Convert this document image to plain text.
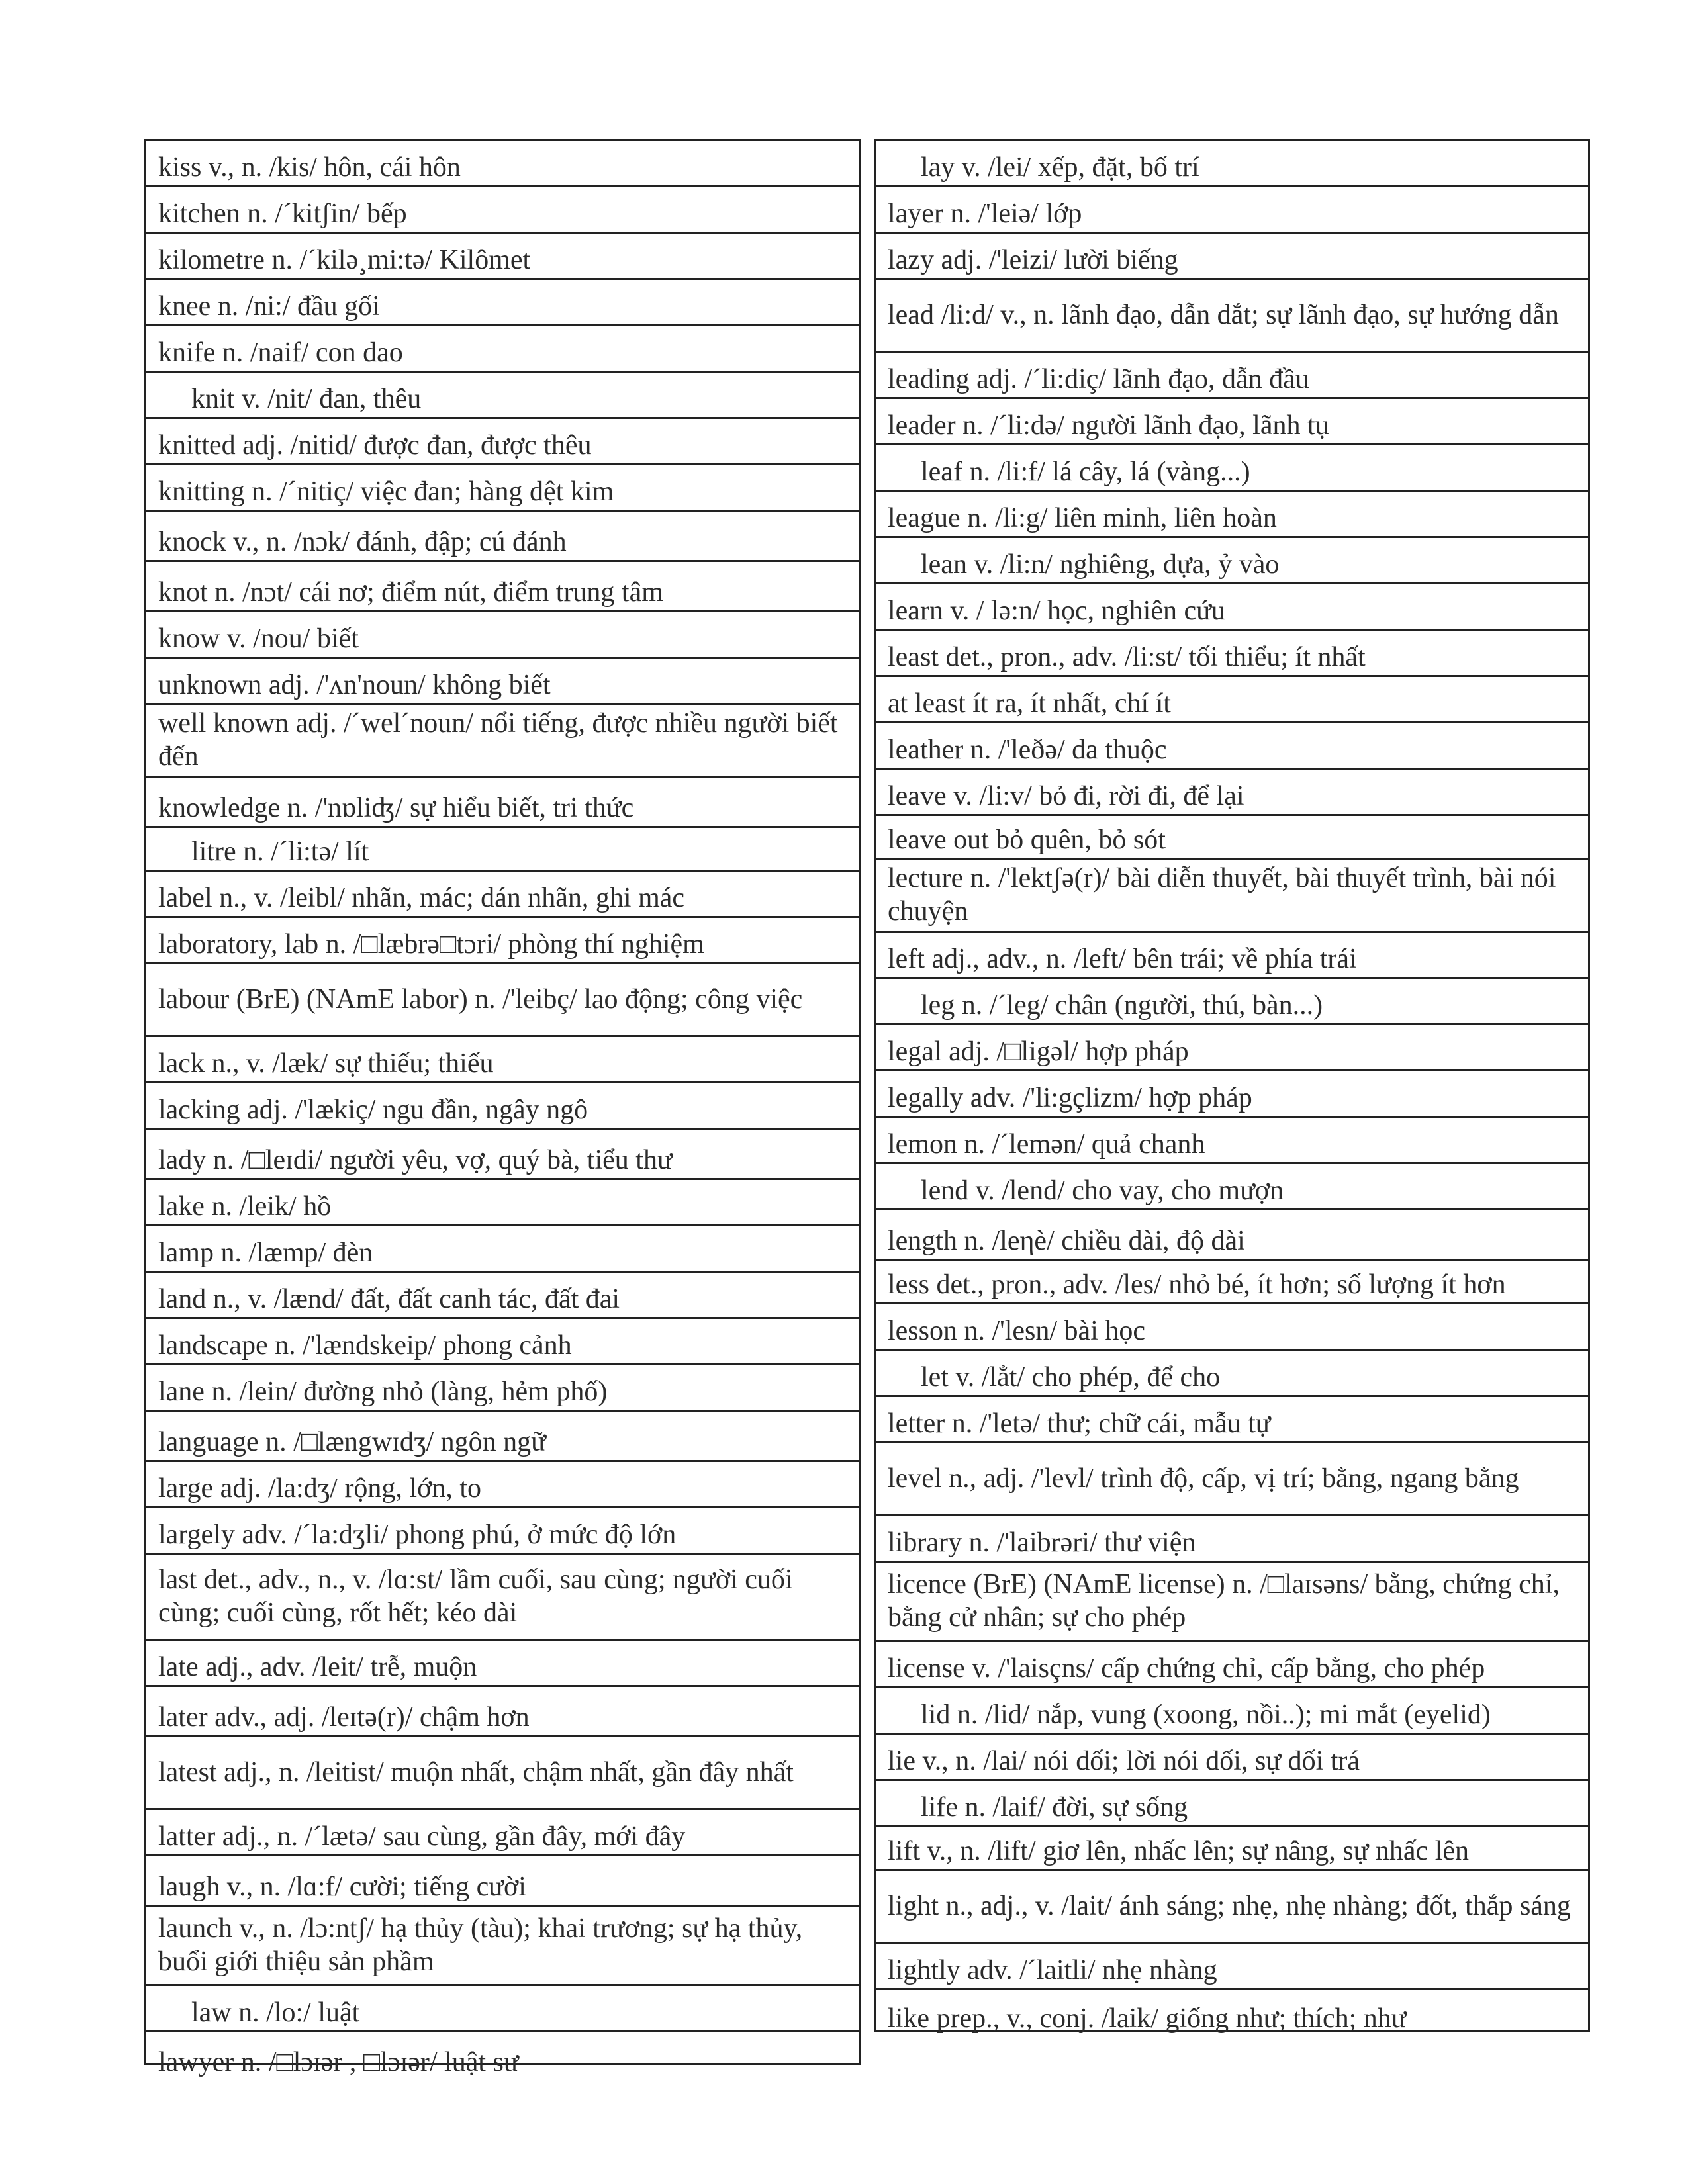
kiss v., n. /kis/ hôn, cái hôn
kitchen n. /´kitʃin/ bếp
kilometre n. /´kilə¸mi:tə/ Kilômet
knee n. /ni:/ đầu gối
knife n. /naif/ con dao
knit v. /nit/ đan, thêu
knitted adj. /nitid/ được đan, được thêu
knitting n. /´nitiç/ việc đan; hàng dệt kim
knock v., n. /nɔk/ đánh, đập; cú đánh
knot n. /nɔt/ cái nơ; điểm nút, điểm trung tâm
know v. /nou/ biết
unknown adj. /'ʌn'noun/ không biết
well known adj. /´wel´noun/ nổi tiếng, được nhiều người biết đến
knowledge n. /'nɒliʤ/ sự hiểu biết, tri thức
litre n. /´li:tə/ lít
label n., v. /leibl/ nhãn, mác; dán nhãn, ghi mác
laboratory, lab n. /□læbrə□tɔri/ phòng thí nghiệm
labour (BrE) (NAmE labor) n. /'leibç/ lao động; công việc
lack n., v. /læk/ sự thiếu; thiếu
lacking adj. /'lækiç/ ngu đần, ngây ngô
lady n. /□leɪdi/ người yêu, vợ, quý bà, tiểu thư
lake n. /leik/ hồ
lamp n. /læmp/ đèn
land n., v. /lænd/ đất, đất canh tác, đất đai
landscape n. /'lændskeip/ phong cảnh
lane n. /lein/ đường nhỏ (làng, hẻm phố)
language n. /□længwɪdʒ/ ngôn ngữ
large adj. /la:dʒ/ rộng, lớn, to
largely adv. /´la:dʒli/ phong phú, ở mức độ lớn
last det., adv., n., v. /lɑ:st/ lầm cuối, sau cùng; người cuối cùng; cuối cùng, rốt hết; kéo dài
late adj., adv. /leit/ trễ, muộn
later adv., adj. /leɪtə(r)/ chậm hơn
latest adj., n. /leitist/ muộn nhất, chậm nhất, gần đây nhất
latter adj., n. /´lætə/ sau cùng, gần đây, mới đây
laugh v., n. /lɑ:f/ cười; tiếng cười
launch v., n. /lɔ:ntʃ/ hạ thủy (tàu); khai trương; sự hạ thủy, buổi giới thiệu sản phầm
law n. /lo:/ luật
lawyer n. /□lɔɪər , □lɔɪər/ luật sư
lay v. /lei/ xếp, đặt, bố trí
layer n. /'leiə/ lớp
lazy adj. /'leizi/ lười biếng
lead /li:d/ v., n. lãnh đạo, dẫn dắt; sự lãnh đạo, sự hướng dẫn
leading adj. /´li:diç/ lãnh đạo, dẫn đầu
leader n. /´li:də/ người lãnh đạo, lãnh tụ
leaf n. /li:f/ lá cây, lá (vàng...)
league n. /li:g/ liên minh, liên hoàn
lean v. /li:n/ nghiêng, dựa, ỷ vào
learn v. / lə:n/ học, nghiên cứu
least det., pron., adv. /li:st/ tối thiểu; ít nhất
at least ít ra, ít nhất, chí ít
leather n. /'leðə/ da thuộc
leave v. /li:v/ bỏ đi, rời đi, để lại
leave out bỏ quên, bỏ sót
lecture n. /'lektʃə(r)/ bài diễn thuyết, bài thuyết trình, bài nói chuyện
left adj., adv., n. /left/ bên trái; về phía trái
leg n. /´leg/ chân (người, thú, bàn...)
legal adj. /□ligəl/ hợp pháp
legally adv. /'li:gçlizm/ hợp pháp
lemon n. /´lemən/ quả chanh
lend v. /lend/ cho vay, cho mượn
length n. /leηè/ chiều dài, độ dài
less det., pron., adv. /les/ nhỏ bé, ít hơn; số lượng ít hơn
lesson n. /'lesn/ bài học
let v. /lẳt/ cho phép, để cho
letter n. /'letə/ thư; chữ cái, mẫu tự
level n., adj. /'levl/ trình độ, cấp, vị trí; bằng, ngang bằng
library n. /'laibrəri/ thư viện
licence (BrE) (NAmE license) n. /□laɪsəns/ bằng, chứng chỉ, bằng cử nhân; sự cho phép
license v. /'laisçns/ cấp chứng chỉ, cấp bằng, cho phép
lid n. /lid/ nắp, vung (xoong, nồi..); mi mắt (eyelid)
lie v., n. /lai/ nói dối; lời nói dối, sự dối trá
life n. /laif/ đời, sự sống
lift v., n. /lift/ giơ lên, nhấc lên; sự nâng, sự nhấc lên
light n., adj., v. /lait/ ánh sáng; nhẹ, nhẹ nhàng; đốt, thắp sáng
lightly adv. /´laitli/ nhẹ nhàng
like prep., v., conj. /laik/ giống như; thích; như
